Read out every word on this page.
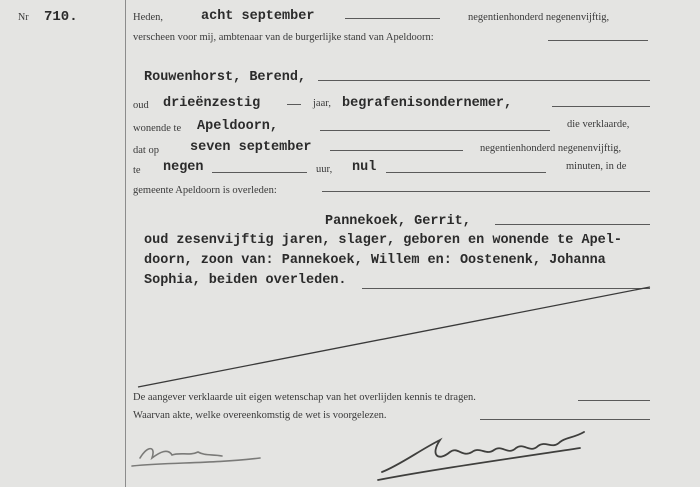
Nr 710.	Heden,	acht september	negentienhonderd negenenvijftig,
verscheen voor mij, ambtenaar van de burgerlijke stand van Apeldoorn:
Rouwenhorst, Berend,
oud drieënzestig	jaar, begrafenisondernemer,
wonende te Apeldoorn,	die verklaarde,
dat op seven september	negentienhonderd negenenvijftig,
te negen	uur, nul	minuten, in de
gemeente Apeldoorn is overleden:
Pannekoek, Gerrit,
oud zesenvijftig jaren, slager, geboren en wonende te Apel-
doorn, zoon van: Pannekoek, Willem en: Oostenenk, Johanna
Sophia, beiden overleden.
De aangever verklaarde uit eigen wetenschap van het overlijden kennis te dragen.
Waarvan akte, welke overeenkomstig de wet is voorgelezen.
